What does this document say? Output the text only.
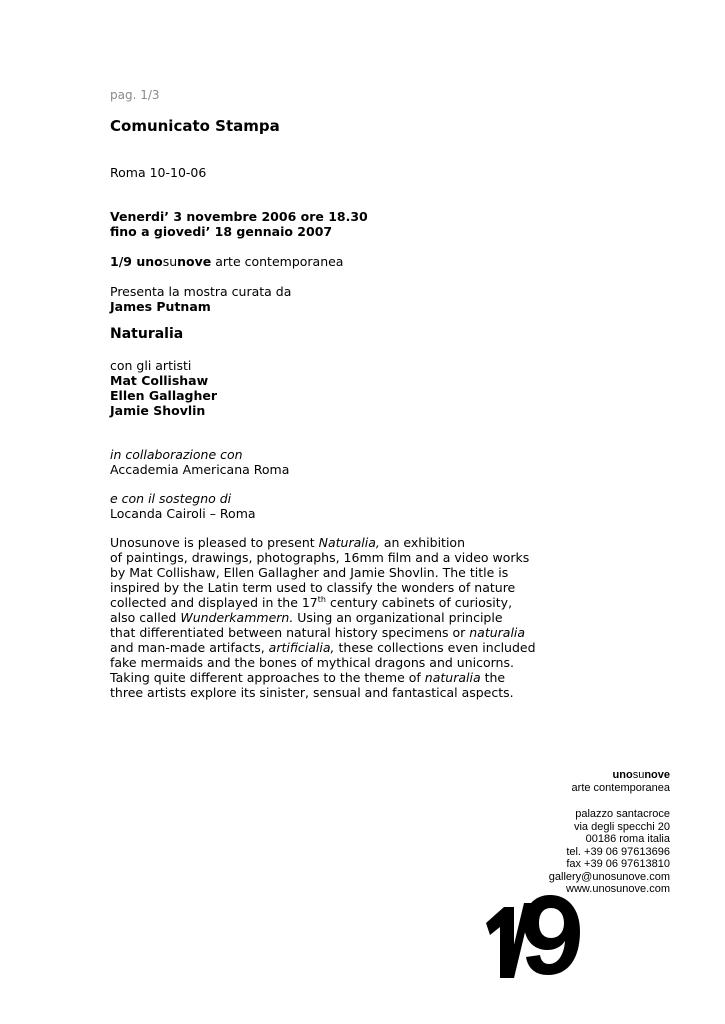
pag. 1/3
Comunicato Stampa
Roma 10-10-06
Venerdi’ 3 novembre 2006 ore 18.30
fino a giovedi’ 18 gennaio 2007
1/9 unosunove arte contemporanea
Presenta la mostra curata da
James Putnam
Naturalia
con gli artisti
Mat Collishaw
Ellen Gallagher
Jamie Shovlin
in collaborazione con
Accademia Americana Roma
e con il sostegno di
Locanda Cairoli – Roma
Unosunove is pleased to present Naturalia, an exhibition
of paintings, drawings, photographs, 16mm film and a video works
by Mat Collishaw, Ellen Gallagher and Jamie Shovlin. The title is
inspired by the Latin term used to classify the wonders of nature
collected and displayed in the 17th century cabinets of curiosity,
also called Wunderkammern. Using an organizational principle
that differentiated between natural history specimens or naturalia
and man-made artifacts, artificialia, these collections even included
fake mermaids and the bones of mythical dragons and unicorns.
Taking quite different approaches to the theme of naturalia the
three artists explore its sinister, sensual and fantastical aspects.
unosunove
arte contemporanea
palazzo santacroce
via degli specchi 20
00186 roma italia
tel. +39 06 97613696
fax +39 06 97613810
gallery@unosunove.com
www.unosunove.com
